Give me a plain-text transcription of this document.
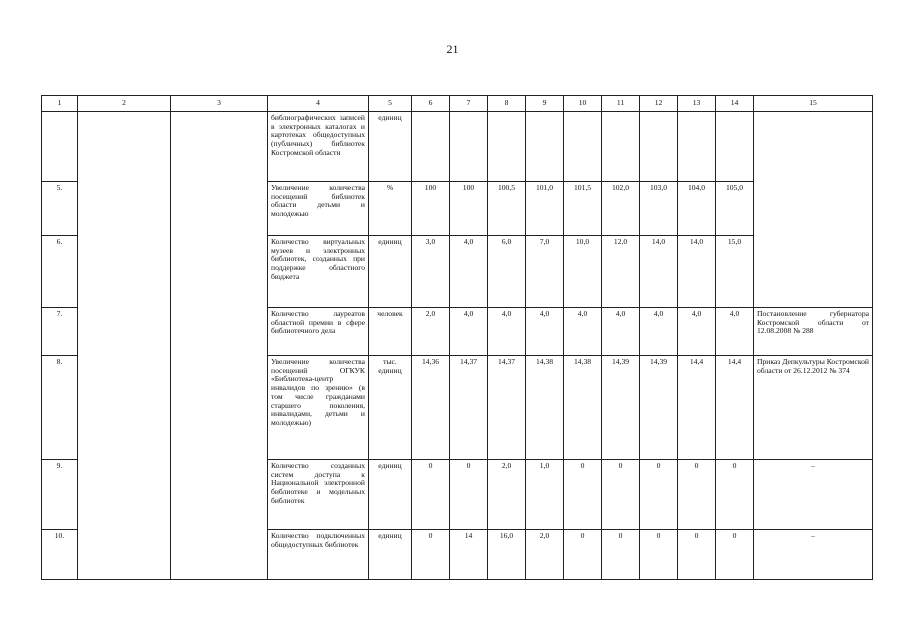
21
1	2	3	4	5	6	7	8	9	10	11	12	13	14	15
			библиографических записей в электронных каталогах и картотеках общедоступных (публичных) библиотек Костромской области	единиц										
5.			Увеличение количества посещений библиотек области детьми и молодежью	%	100	100	100,5	101,0	101,5	102,0	103,0	104,0	105,0	
6.			Количество виртуальных музеев и электронных библиотек, созданных при поддержке областного бюджета	единиц	3,0	4,0	6,0	7,0	10,0	12,0	14,0	14,0	15,0	
7.			Количество лауреатов областной премии в сфере библиотечного дела	человек	2,0	4,0	4,0	4,0	4,0	4,0	4,0	4,0	4,0	Постановление губернатора Костромской области от 12.08.2008 № 288
8.			Увеличение количества посещений ОГКУК «Библиотека-центр инвалидов по зрению» (в том числе гражданами старшего поколения, инвалидами, детьми и молодежью)	тыс. единиц	14,36	14,37	14,37	14,38	14,38	14,39	14,39	14,4	14,4	Приказ Депкультуры Костромской области от 26.12.2012 № 374
9.			Количество созданных систем доступа к Национальной электронной библиотеке и модельных библиотек	единиц	0	0	2,0	1,0	0	0	0	0	0	–
10.			Количество подключенных общедоступных библиотек	единиц	0	14	16,0	2,0	0	0	0	0	0	–
